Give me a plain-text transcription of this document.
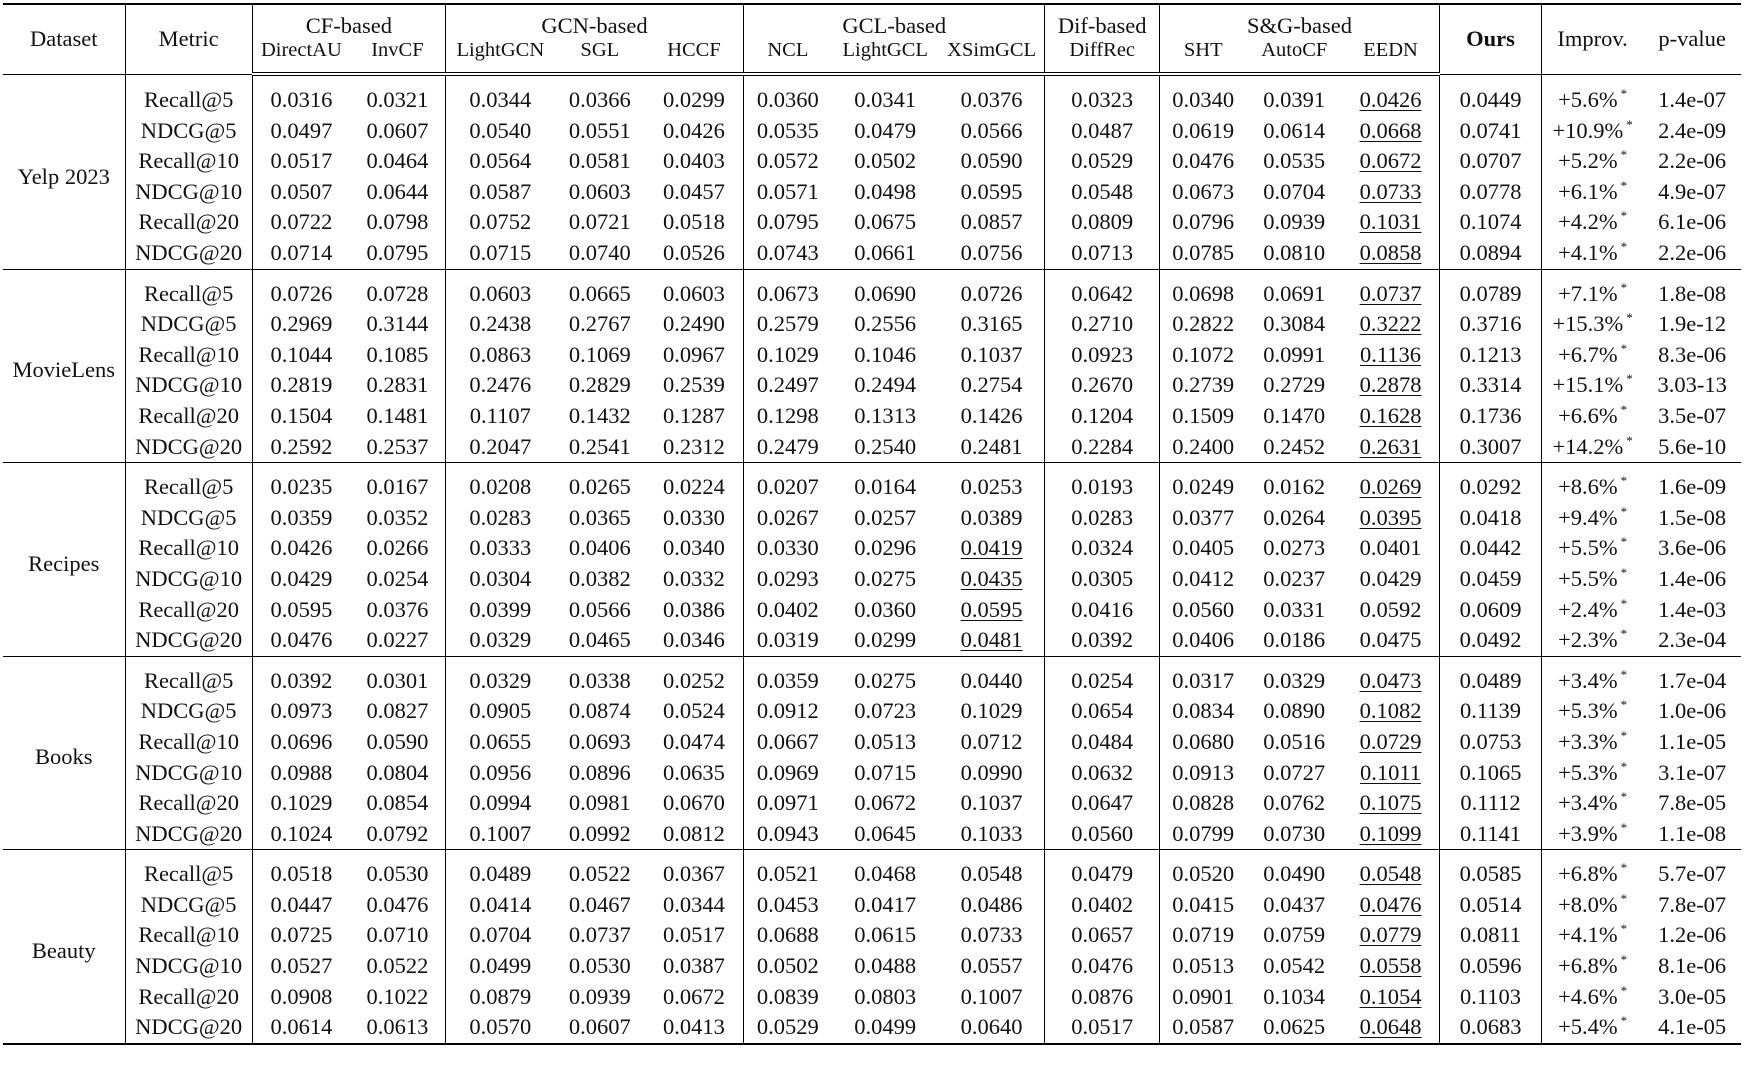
Dataset	Metric	CF-based		GCN-based			GCL-based			Dif-based	S&G-based			Ours	Improv.	p-value
		DirectAU	InvCF	LightGCN	SGL	HCCF	NCL	LightGCL	XSimGCL	DiffRec	SHT	AutoCF	EEDN			

Yelp 2023	Recall@5	0.0316	0.0321	0.0344	0.0366	0.0299	0.0360	0.0341	0.0376	0.0323	0.0340	0.0391	0.0426	0.0449	+5.6% *	1.4e-07
	NDCG@5	0.0497	0.0607	0.0540	0.0551	0.0426	0.0535	0.0479	0.0566	0.0487	0.0619	0.0614	0.0668	0.0741	+10.9% *	2.4e-09
	Recall@10	0.0517	0.0464	0.0564	0.0581	0.0403	0.0572	0.0502	0.0590	0.0529	0.0476	0.0535	0.0672	0.0707	+5.2% *	2.2e-06
	NDCG@10	0.0507	0.0644	0.0587	0.0603	0.0457	0.0571	0.0498	0.0595	0.0548	0.0673	0.0704	0.0733	0.0778	+6.1% *	4.9e-07
	Recall@20	0.0722	0.0798	0.0752	0.0721	0.0518	0.0795	0.0675	0.0857	0.0809	0.0796	0.0939	0.1031	0.1074	+4.2% *	6.1e-06
	NDCG@20	0.0714	0.0795	0.0715	0.0740	0.0526	0.0743	0.0661	0.0756	0.0713	0.0785	0.0810	0.0858	0.0894	+4.1% *	2.2e-06

MovieLens	Recall@5	0.0726	0.0728	0.0603	0.0665	0.0603	0.0673	0.0690	0.0726	0.0642	0.0698	0.0691	0.0737	0.0789	+7.1% *	1.8e-08
	NDCG@5	0.2969	0.3144	0.2438	0.2767	0.2490	0.2579	0.2556	0.3165	0.2710	0.2822	0.3084	0.3222	0.3716	+15.3% *	1.9e-12
	Recall@10	0.1044	0.1085	0.0863	0.1069	0.0967	0.1029	0.1046	0.1037	0.0923	0.1072	0.0991	0.1136	0.1213	+6.7% *	8.3e-06
	NDCG@10	0.2819	0.2831	0.2476	0.2829	0.2539	0.2497	0.2494	0.2754	0.2670	0.2739	0.2729	0.2878	0.3314	+15.1% *	3.03-13
	Recall@20	0.1504	0.1481	0.1107	0.1432	0.1287	0.1298	0.1313	0.1426	0.1204	0.1509	0.1470	0.1628	0.1736	+6.6% *	3.5e-07
	NDCG@20	0.2592	0.2537	0.2047	0.2541	0.2312	0.2479	0.2540	0.2481	0.2284	0.2400	0.2452	0.2631	0.3007	+14.2% *	5.6e-10

Recipes	Recall@5	0.0235	0.0167	0.0208	0.0265	0.0224	0.0207	0.0164	0.0253	0.0193	0.0249	0.0162	0.0269	0.0292	+8.6% *	1.6e-09
	NDCG@5	0.0359	0.0352	0.0283	0.0365	0.0330	0.0267	0.0257	0.0389	0.0283	0.0377	0.0264	0.0395	0.0418	+9.4% *	1.5e-08
	Recall@10	0.0426	0.0266	0.0333	0.0406	0.0340	0.0330	0.0296	0.0419	0.0324	0.0405	0.0273	0.0401	0.0442	+5.5% *	3.6e-06
	NDCG@10	0.0429	0.0254	0.0304	0.0382	0.0332	0.0293	0.0275	0.0435	0.0305	0.0412	0.0237	0.0429	0.0459	+5.5% *	1.4e-06
	Recall@20	0.0595	0.0376	0.0399	0.0566	0.0386	0.0402	0.0360	0.0595	0.0416	0.0560	0.0331	0.0592	0.0609	+2.4% *	1.4e-03
	NDCG@20	0.0476	0.0227	0.0329	0.0465	0.0346	0.0319	0.0299	0.0481	0.0392	0.0406	0.0186	0.0475	0.0492	+2.3% *	2.3e-04

Books	Recall@5	0.0392	0.0301	0.0329	0.0338	0.0252	0.0359	0.0275	0.0440	0.0254	0.0317	0.0329	0.0473	0.0489	+3.4% *	1.7e-04
	NDCG@5	0.0973	0.0827	0.0905	0.0874	0.0524	0.0912	0.0723	0.1029	0.0654	0.0834	0.0890	0.1082	0.1139	+5.3% *	1.0e-06
	Recall@10	0.0696	0.0590	0.0655	0.0693	0.0474	0.0667	0.0513	0.0712	0.0484	0.0680	0.0516	0.0729	0.0753	+3.3% *	1.1e-05
	NDCG@10	0.0988	0.0804	0.0956	0.0896	0.0635	0.0969	0.0715	0.0990	0.0632	0.0913	0.0727	0.1011	0.1065	+5.3% *	3.1e-07
	Recall@20	0.1029	0.0854	0.0994	0.0981	0.0670	0.0971	0.0672	0.1037	0.0647	0.0828	0.0762	0.1075	0.1112	+3.4% *	7.8e-05
	NDCG@20	0.1024	0.0792	0.1007	0.0992	0.0812	0.0943	0.0645	0.1033	0.0560	0.0799	0.0730	0.1099	0.1141	+3.9% *	1.1e-08

Beauty	Recall@5	0.0518	0.0530	0.0489	0.0522	0.0367	0.0521	0.0468	0.0548	0.0479	0.0520	0.0490	0.0548	0.0585	+6.8% *	5.7e-07
	NDCG@5	0.0447	0.0476	0.0414	0.0467	0.0344	0.0453	0.0417	0.0486	0.0402	0.0415	0.0437	0.0476	0.0514	+8.0% *	7.8e-07
	Recall@10	0.0725	0.0710	0.0704	0.0737	0.0517	0.0688	0.0615	0.0733	0.0657	0.0719	0.0759	0.0779	0.0811	+4.1% *	1.2e-06
	NDCG@10	0.0527	0.0522	0.0499	0.0530	0.0387	0.0502	0.0488	0.0557	0.0476	0.0513	0.0542	0.0558	0.0596	+6.8% *	8.1e-06
	Recall@20	0.0908	0.1022	0.0879	0.0939	0.0672	0.0839	0.0803	0.1007	0.0876	0.0901	0.1034	0.1054	0.1103	+4.6% *	3.0e-05
	NDCG@20	0.0614	0.0613	0.0570	0.0607	0.0413	0.0529	0.0499	0.0640	0.0517	0.0587	0.0625	0.0648	0.0683	+5.4% *	4.1e-05
